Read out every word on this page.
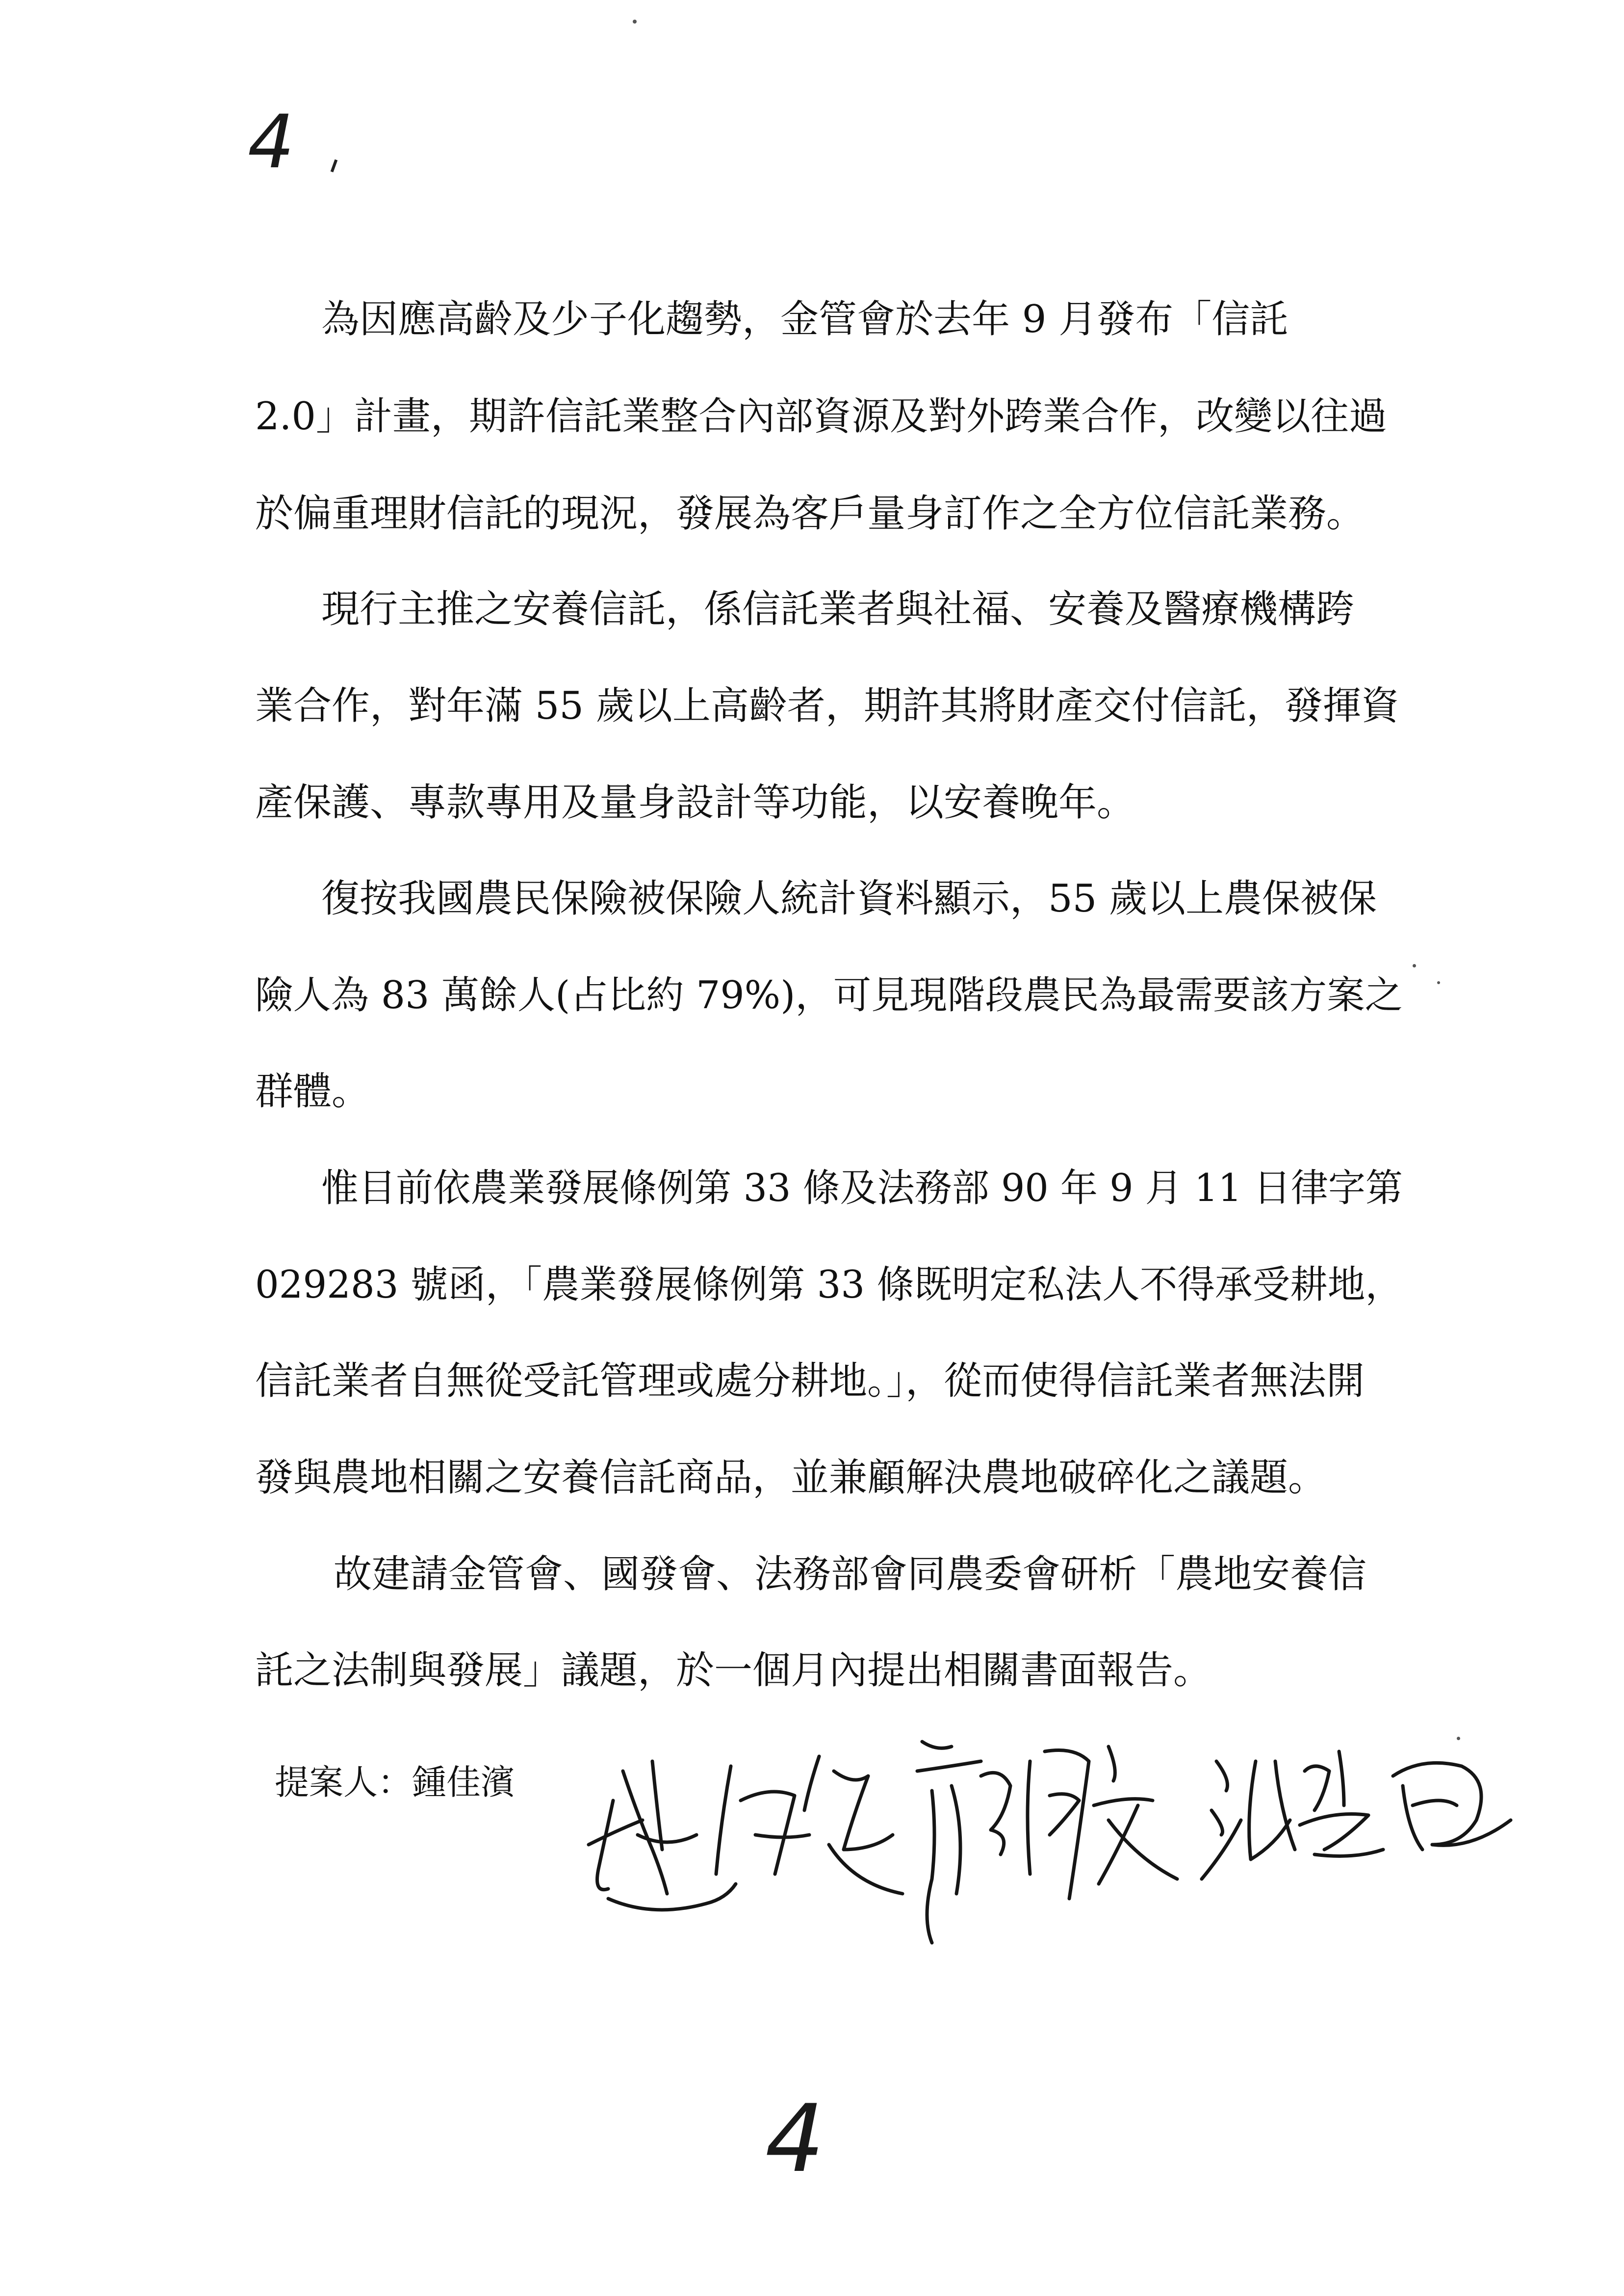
4
為因應高齡及少子化趨勢，金管會於去年 9 月發布「信託
2.0」計畫，期許信託業整合內部資源及對外跨業合作，改變以往過
於偏重理財信託的現況，發展為客戶量身訂作之全方位信託業務。
現行主推之安養信託，係信託業者與社福、安養及醫療機構跨
業合作，對年滿 55 歲以上高齡者，期許其將財產交付信託，發揮資
產保護、專款專用及量身設計等功能，以安養晚年。
復按我國農民保險被保險人統計資料顯示，55 歲以上農保被保
險人為 83 萬餘人(占比約 79%)，可見現階段農民為最需要該方案之
群體。
惟目前依農業發展條例第 33 條及法務部 90 年 9 月 11 日律字第
029283 號函，「農業發展條例第 33 條既明定私法人不得承受耕地，
信託業者自無從受託管理或處分耕地。」，從而使得信託業者無法開
發與農地相關之安養信託商品，並兼顧解決農地破碎化之議題。
故建請金管會、國發會、法務部會同農委會研析「農地安養信
託之法制與發展」議題，於一個月內提出相關書面報告。
提案人：鍾佳濱
4
